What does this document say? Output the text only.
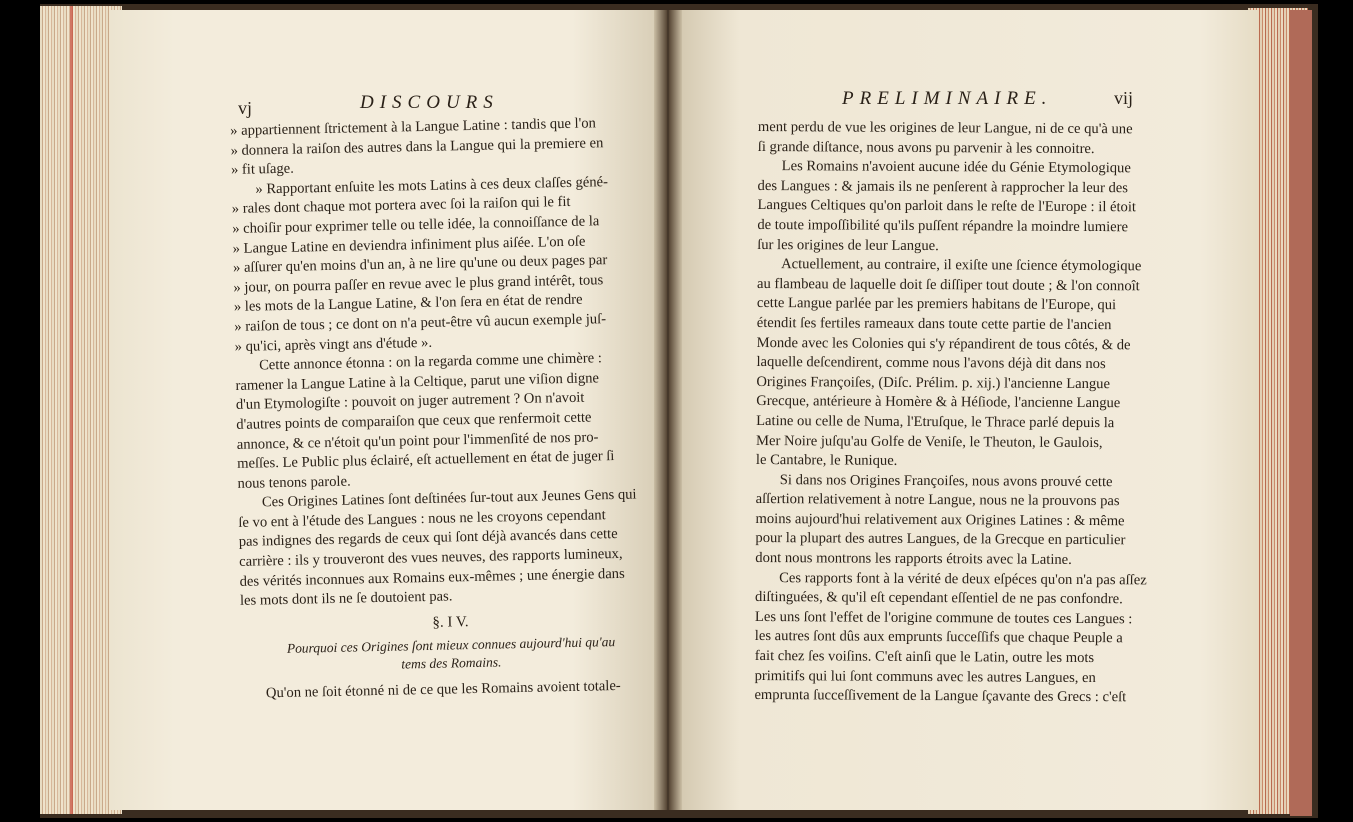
vj	DISCOURS
» appartiennent ſtrictement à la Langue Latine : tandis que l'on
» donnera la raiſon des autres dans la Langue qui la premiere en
» fit uſage.
» Rapportant enſuite les mots Latins à ces deux claſſes géné-
» rales dont chaque mot portera avec ſoi la raiſon qui le fit
» choiſir pour exprimer telle ou telle idée, la connoiſſance de la
» Langue Latine en deviendra infiniment plus aiſée. L'on oſe
» aſſurer qu'en moins d'un an, à ne lire qu'une ou deux pages par
» jour, on pourra paſſer en revue avec le plus grand intérêt, tous
» les mots de la Langue Latine, & l'on ſera en état de rendre
» raiſon de tous ; ce dont on n'a peut-être vû aucun exemple juſ-
» qu'ici, après vingt ans d'étude ».
Cette annonce étonna : on la regarda comme une chimère :
ramener la Langue Latine à la Celtique, parut une viſion digne
d'un Etymologiſte : pouvoit on juger autrement ? On n'avoit
d'autres points de comparaiſon que ceux que renfermoit cette
annonce, & ce n'étoit qu'un point pour l'immenſité de nos pro-
meſſes. Le Public plus éclairé, eſt actuellement en état de juger ſi
nous tenons parole.
Ces Origines Latines ſont deſtinées ſur-tout aux Jeunes Gens qui
ſe vo ent à l'étude des Langues : nous ne les croyons cependant
pas indignes des regards de ceux qui ſont déjà avancés dans cette
carrière : ils y trouveront des vues neuves, des rapports lumineux,
des vérités inconnues aux Romains eux-mêmes ; une énergie dans
les mots dont ils ne ſe doutoient pas.
§. I V.
Pourquoi ces Origines ſont mieux connues aujourd'hui qu'au
tems des Romains.
Qu'on ne ſoit étonné ni de ce que les Romains avoient totale-
PRELIMINAIRE.	vij
ment perdu de vue les origines de leur Langue, ni de ce qu'à une
ſi grande diſtance, nous avons pu parvenir à les connoitre.
Les Romains n'avoient aucune idée du Génie Etymologique
des Langues : & jamais ils ne penſerent à rapprocher la leur des
Langues Celtiques qu'on parloit dans le reſte de l'Europe : il étoit
de toute impoſſibilité qu'ils puſſent répandre la moindre lumiere
ſur les origines de leur Langue.
Actuellement, au contraire, il exiſte une ſcience étymologique
au flambeau de laquelle doit ſe diſſiper tout doute ; & l'on connoît
cette Langue parlée par les premiers habitans de l'Europe, qui
étendit ſes fertiles rameaux dans toute cette partie de l'ancien
Monde avec les Colonies qui s'y répandirent de tous côtés, & de
laquelle deſcendirent, comme nous l'avons déjà dit dans nos
Origines Françoiſes, (Diſc. Prélim. p. xij.) l'ancienne Langue
Grecque, antérieure à Homère & à Héſiode, l'ancienne Langue
Latine ou celle de Numa, l'Etruſque, le Thrace parlé depuis la
Mer Noire juſqu'au Golfe de Veniſe, le Theuton, le Gaulois,
le Cantabre, le Runique.
Si dans nos Origines Françoiſes, nous avons prouvé cette
aſſertion relativement à notre Langue, nous ne la prouvons pas
moins aujourd'hui relativement aux Origines Latines : & même
pour la plupart des autres Langues, de la Grecque en particulier
dont nous montrons les rapports étroits avec la Latine.
Ces rapports font à la vérité de deux eſpéces qu'on n'a pas aſſez
diſtinguées, & qu'il eſt cependant eſſentiel de ne pas confondre.
Les uns ſont l'effet de l'origine commune de toutes ces Langues :
les autres ſont dûs aux emprunts ſucceſſifs que chaque Peuple a
fait chez ſes voiſins. C'eſt ainſi que le Latin, outre les mots
primitifs qui lui ſont communs avec les autres Langues, en
emprunta ſucceſſivement de la Langue ſçavante des Grecs : c'eſt
